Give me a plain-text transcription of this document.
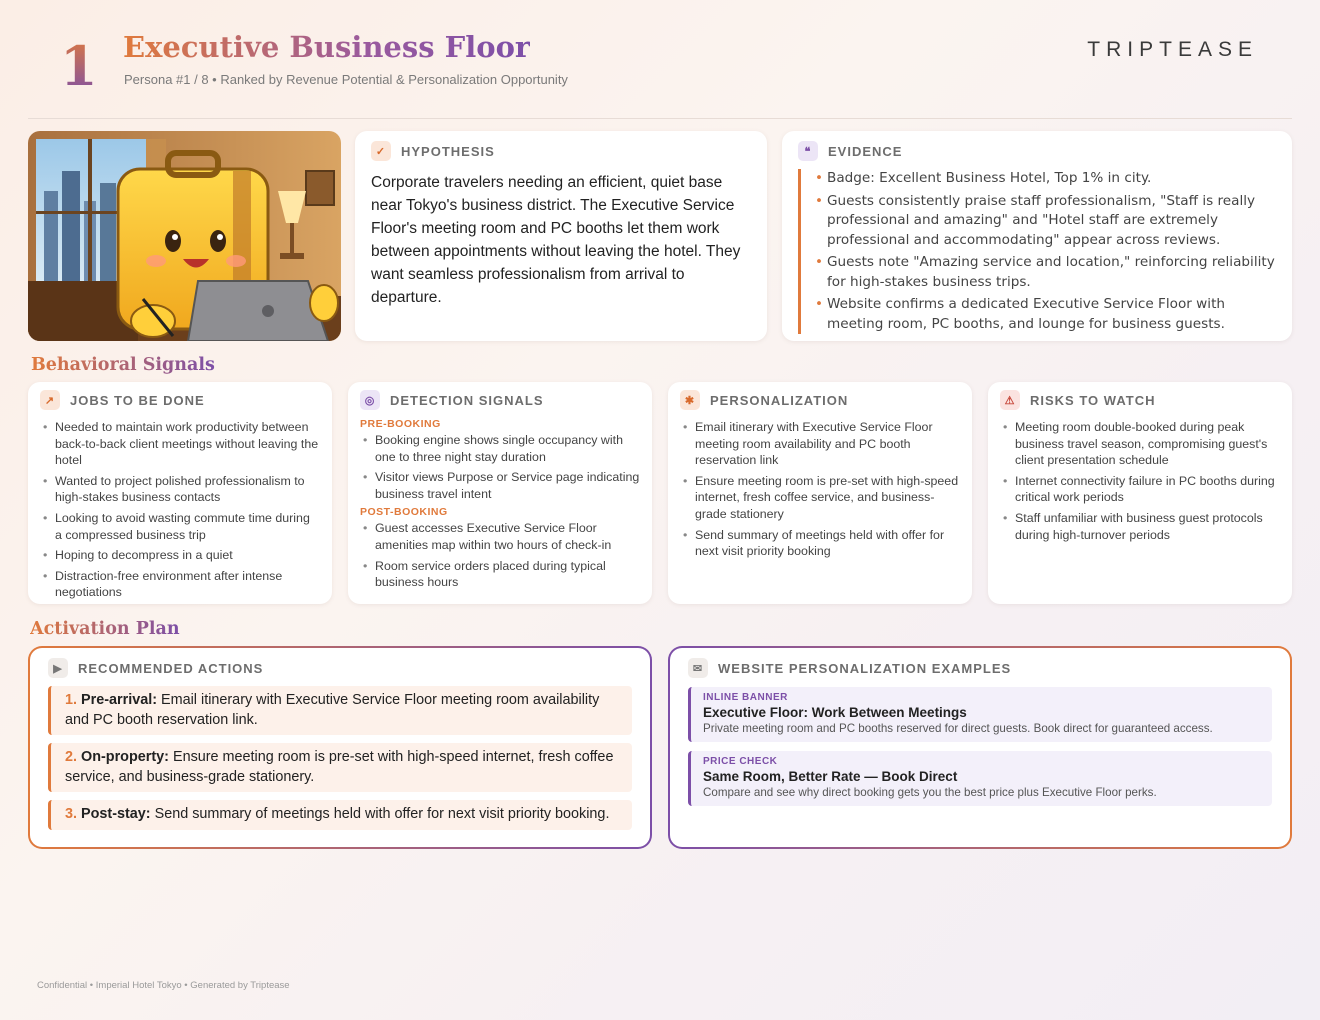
1 Executive Business Floor
Persona #1 / 8 • Ranked by Revenue Potential & Personalization Opportunity
TRIPTEASE
✓	HYPOTHESIS
Corporate travelers needing an efficient, quiet base near Tokyo's business district. The Executive Service Floor's meeting room and PC booths let them work between appointments without leaving the hotel. They want seamless professionalism from arrival to departure.
❝	EVIDENCE
• Badge: Excellent Business Hotel, Top 1% in city.
• Guests consistently praise staff professionalism, "Staff is really professional and amazing" and "Hotel staff are extremely professional and accommodating" appear across reviews.
• Guests note "Amazing service and location," reinforcing reliability for high-stakes business trips.
• Website confirms a dedicated Executive Service Floor with meeting room, PC booths, and lounge for business guests.
Behavioral Signals
↗	JOBS TO BE DONE
• Needed to maintain work productivity between back-to-back client meetings without leaving the hotel
• Wanted to project polished professionalism to high-stakes business contacts
• Looking to avoid wasting commute time during a compressed business trip
• Hoping to decompress in a quiet
• Distraction-free environment after intense negotiations
◎	DETECTION SIGNALS
PRE-BOOKING
• Booking engine shows single occupancy with one to three night stay duration
• Visitor views Purpose or Service page indicating business travel intent
POST-BOOKING
• Guest accesses Executive Service Floor amenities map within two hours of check-in
• Room service orders placed during typical business hours
✱	PERSONALIZATION
• Email itinerary with Executive Service Floor meeting room availability and PC booth reservation link
• Ensure meeting room is pre-set with high-speed internet, fresh coffee service, and business-grade stationery
• Send summary of meetings held with offer for next visit priority booking
⚠	RISKS TO WATCH
• Meeting room double-booked during peak business travel season, compromising guest's client presentation schedule
• Internet connectivity failure in PC booths during critical work periods
• Staff unfamiliar with business guest protocols during high-turnover periods
Activation Plan
▶	RECOMMENDED ACTIONS
1. Pre-arrival: Email itinerary with Executive Service Floor meeting room availability and PC booth reservation link.
2. On-property: Ensure meeting room is pre-set with high-speed internet, fresh coffee service, and business-grade stationery.
3. Post-stay: Send summary of meetings held with offer for next visit priority booking.
✉	WEBSITE PERSONALIZATION EXAMPLES
INLINE BANNER
Executive Floor: Work Between Meetings
Private meeting room and PC booths reserved for direct guests. Book direct for guaranteed access.
PRICE CHECK
Same Room, Better Rate — Book Direct
Compare and see why direct booking gets you the best price plus Executive Floor perks.
Confidential • Imperial Hotel Tokyo • Generated by Triptease
